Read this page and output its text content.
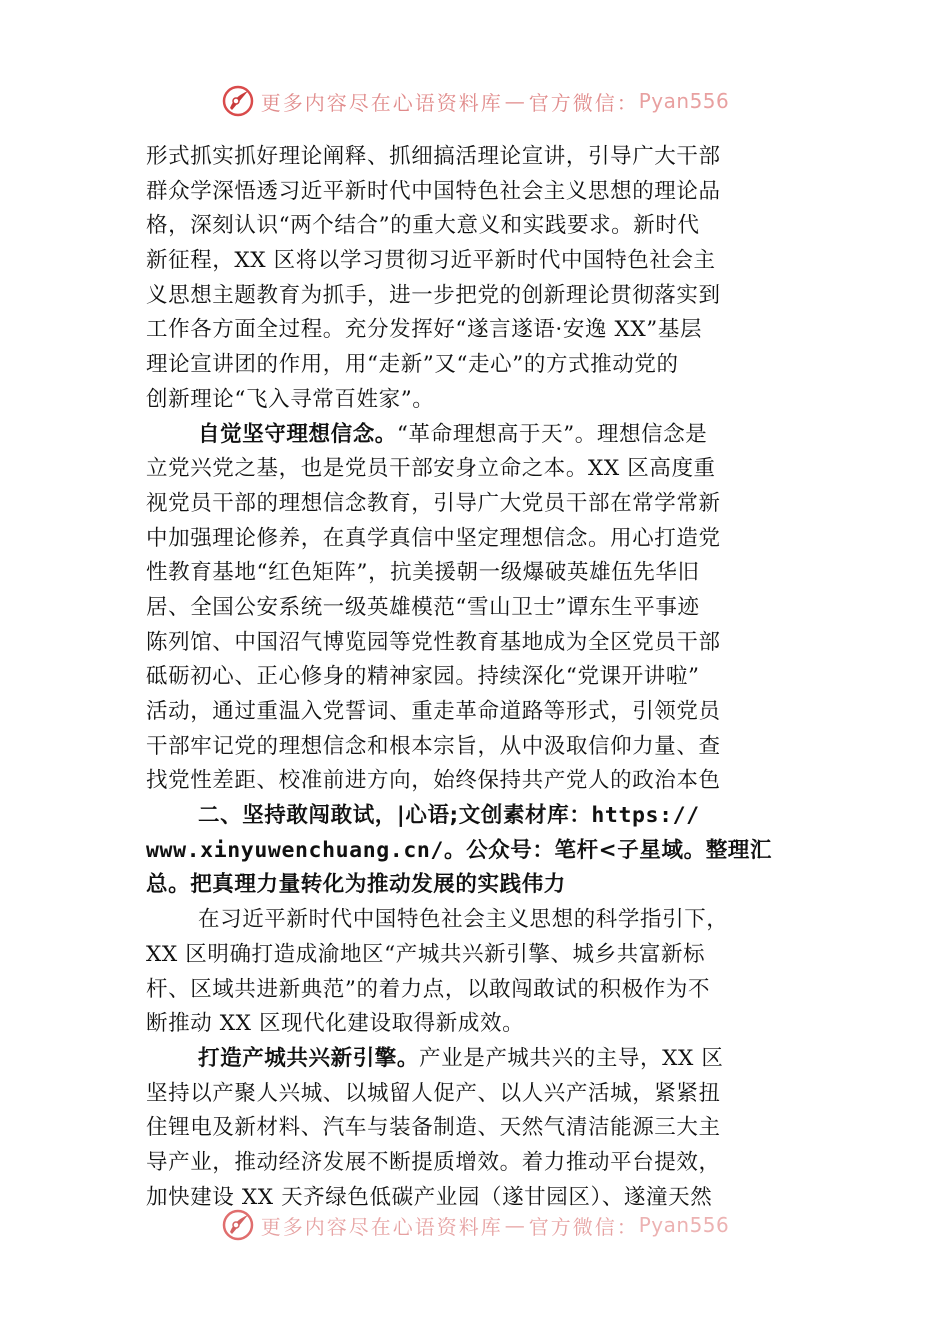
更多内容尽在心语资料库 — 官方微信： Pyan556
形式抓实抓好理论阐释、抓细搞活理论宣讲，引导广大干部
群众学深悟透习近平新时代中国特色社会主义思想的理论品
格，深刻认识“两个结合”的重大意义和实践要求。新时代
新征程，XX 区将以学习贯彻习近平新时代中国特色社会主
义思想主题教育为抓手，进一步把党的创新理论贯彻落实到
工作各方面全过程。充分发挥好“遂言遂语·安逸 XX”基层
理论宣讲团的作用，用“走新”又“走心”的方式推动党的
创新理论“飞入寻常百姓家”。
自觉坚守理想信念。“革命理想高于天”。理想信念是
立党兴党之基，也是党员干部安身立命之本。XX 区高度重
视党员干部的理想信念教育，引导广大党员干部在常学常新
中加强理论修养，在真学真信中坚定理想信念。用心打造党
性教育基地“红色矩阵”，抗美援朝一级爆破英雄伍先华旧
居、全国公安系统一级英雄模范“雪山卫士”谭东生平事迹
陈列馆、中国沼气博览园等党性教育基地成为全区党员干部
砥砺初心、正心修身的精神家园。持续深化“党课开讲啦”
活动，通过重温入党誓词、重走革命道路等形式，引领党员
干部牢记党的理想信念和根本宗旨，从中汲取信仰力量、查
找党性差距、校准前进方向，始终保持共产党人的政治本色
二、坚持敢闯敢试，|心语;文创素材库：https://
www.xinyuwenchuang.cn/。公众号：笔杆<子星域。整理汇
总。把真理力量转化为推动发展的实践伟力
在习近平新时代中国特色社会主义思想的科学指引下，
XX 区明确打造成渝地区“产城共兴新引擎、城乡共富新标
杆、区域共进新典范”的着力点，以敢闯敢试的积极作为不
断推动 XX 区现代化建设取得新成效。
打造产城共兴新引擎。产业是产城共兴的主导，XX 区
坚持以产聚人兴城、以城留人促产、以人兴产活城，紧紧扭
住锂电及新材料、汽车与装备制造、天然气清洁能源三大主
导产业，推动经济发展不断提质增效。着力推动平台提效，
加快建设 XX 天齐绿色低碳产业园（遂甘园区）、遂潼天然
更多内容尽在心语资料库 — 官方微信： Pyan556
